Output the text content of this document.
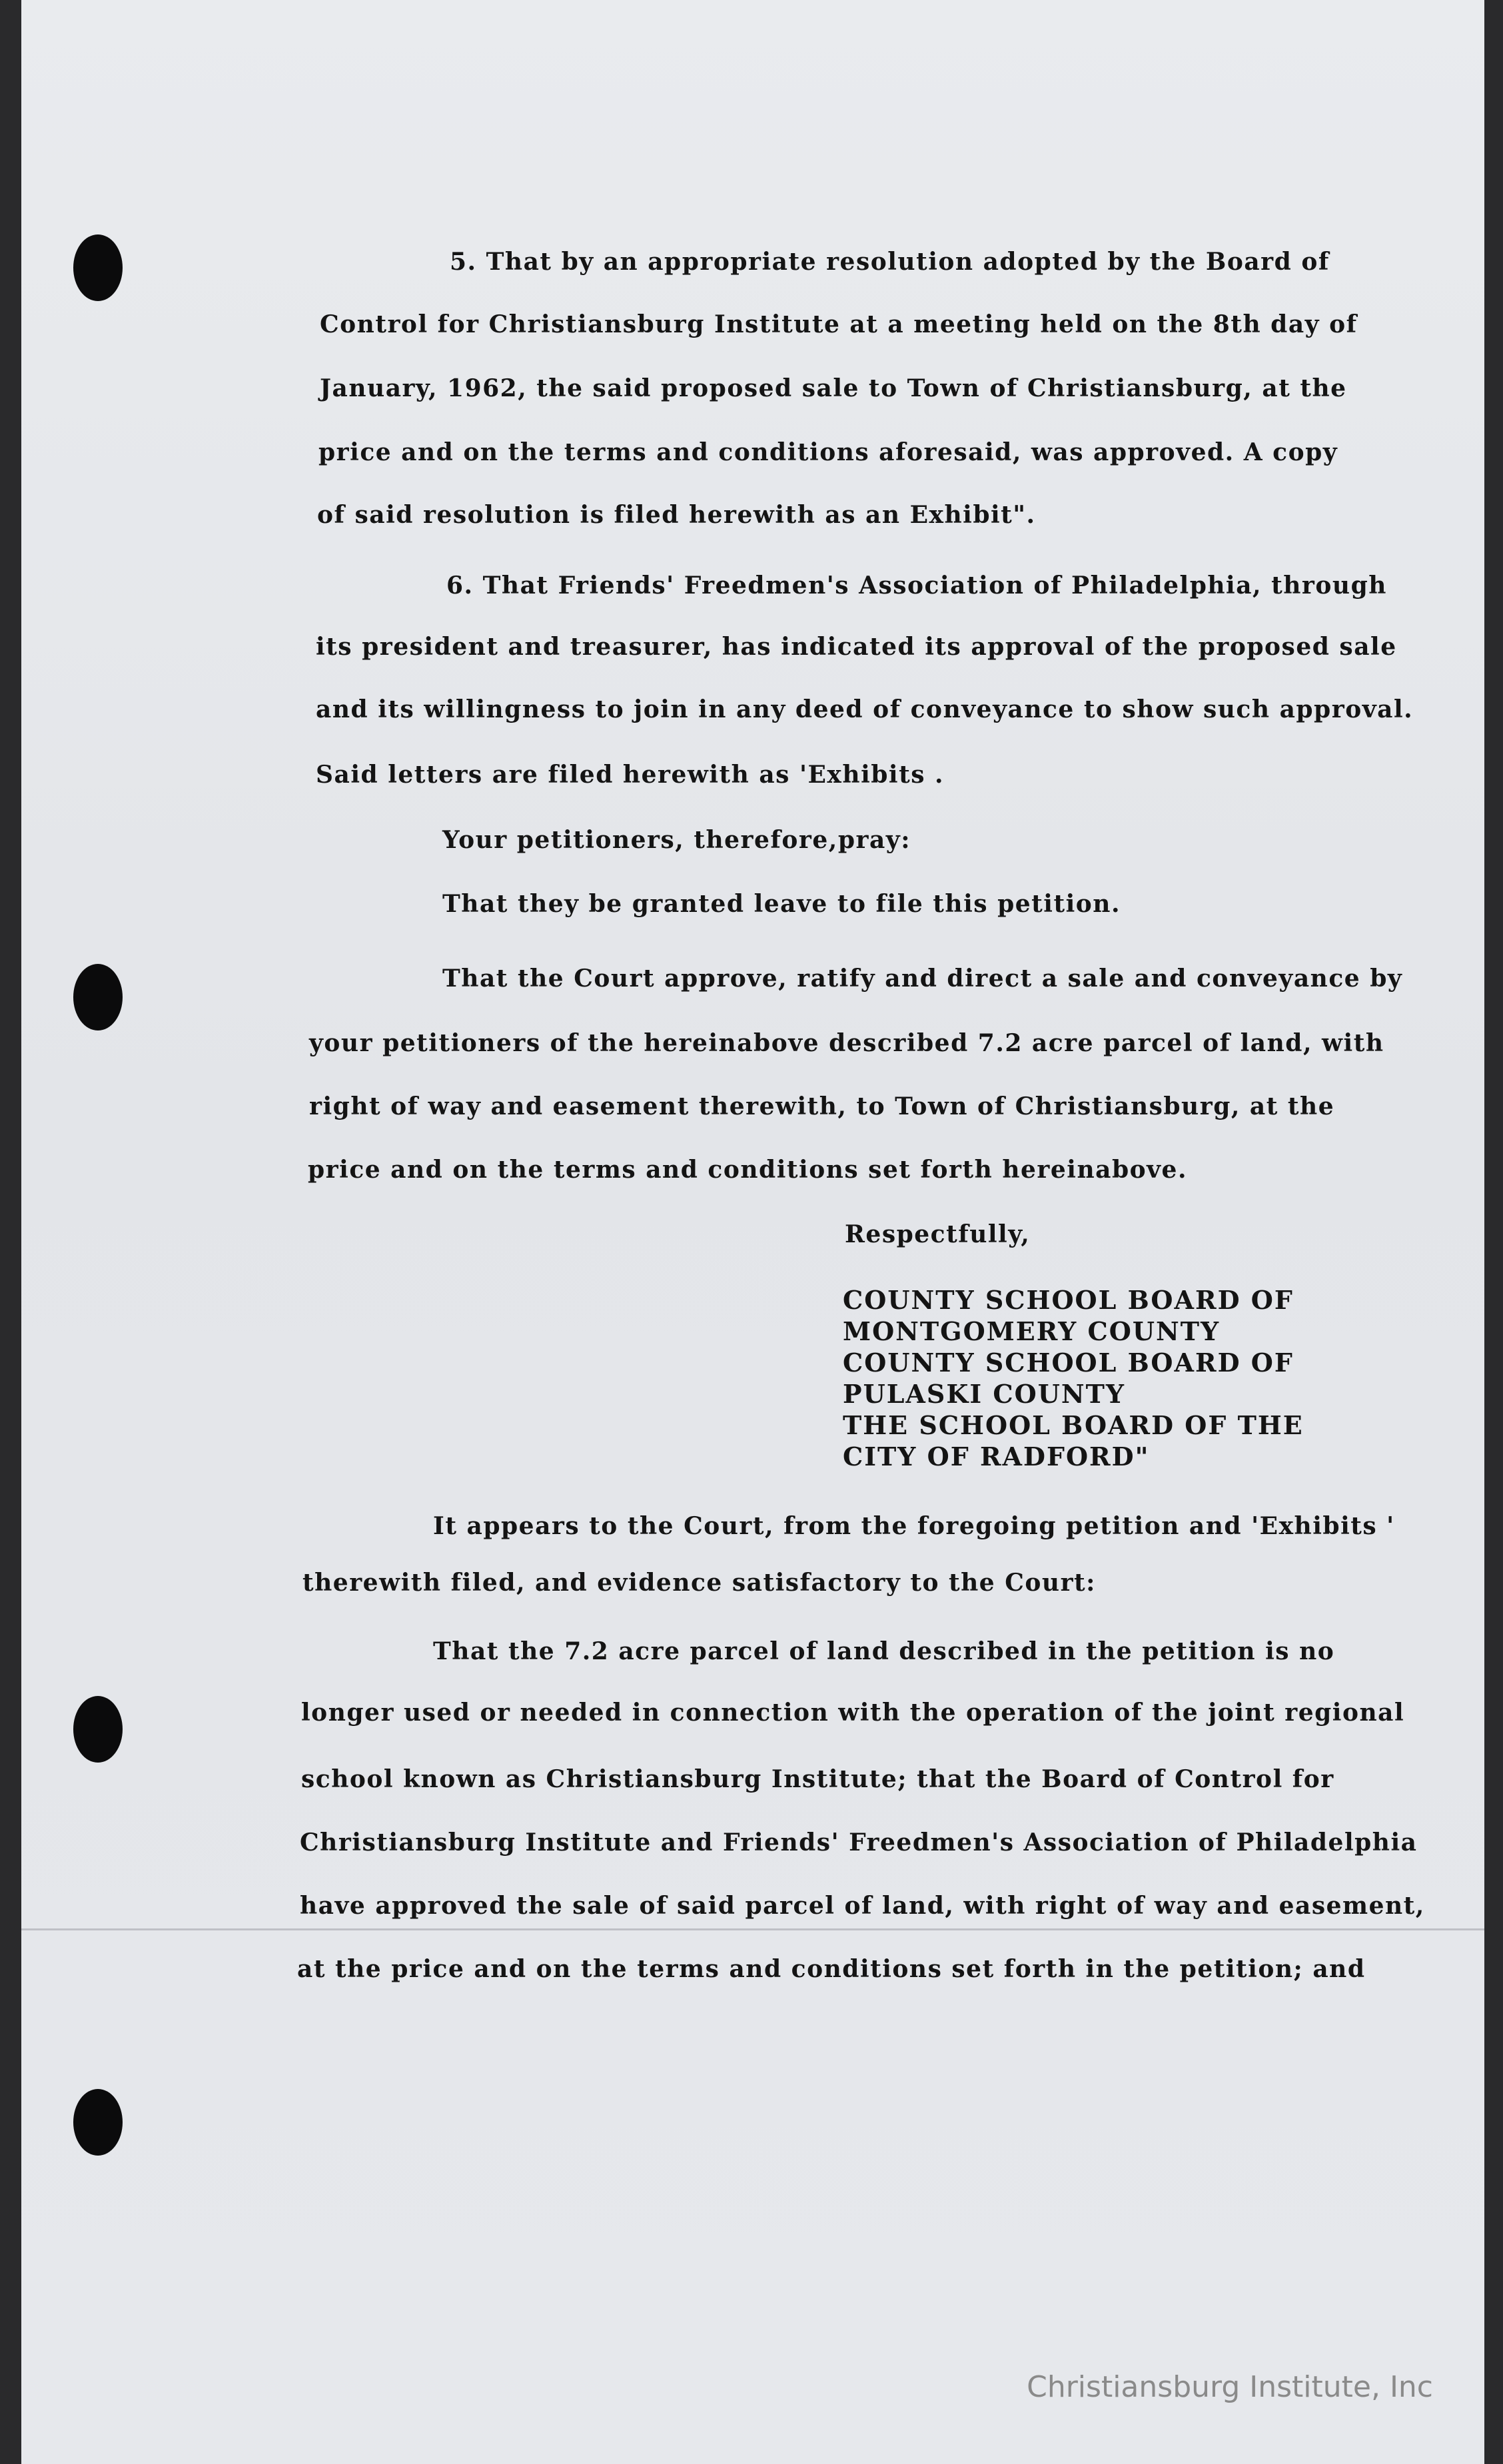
5. That by an appropriate resolution adopted by the Board of
Control for Christiansburg Institute at a meeting held on the 8th day of
January, 1962, the said proposed sale to Town of Christiansburg, at the
price and on the terms and conditions aforesaid, was approved. A copy
of said resolution is filed herewith as an Exhibit".
6. That Friends' Freedmen's Association of Philadelphia, through
its president and treasurer, has indicated its approval of the proposed sale
and its willingness to join in any deed of conveyance to show such approval.
Said letters are filed herewith as 'Exhibits .
Your petitioners, therefore,pray:
That they be granted leave to file this petition.
That the Court approve, ratify and direct a sale and conveyance by
your petitioners of the hereinabove described 7.2 acre parcel of land, with
right of way and easement therewith, to Town of Christiansburg, at the
price and on the terms and conditions set forth hereinabove.
Respectfully,
COUNTY SCHOOL BOARD OF
MONTGOMERY COUNTY
COUNTY SCHOOL BOARD OF
PULASKI COUNTY
THE SCHOOL BOARD OF THE
CITY OF RADFORD"
It appears to the Court, from the foregoing petition and 'Exhibits '
therewith filed, and evidence satisfactory to the Court:
That the 7.2 acre parcel of land described in the petition is no
longer used or needed in connection with the operation of the joint regional
school known as Christiansburg Institute; that the Board of Control for
Christiansburg Institute and Friends' Freedmen's Association of Philadelphia
have approved the sale of said parcel of land, with right of way and easement,
at the price and on the terms and conditions set forth in the petition; and
Christiansburg Institute, Inc
